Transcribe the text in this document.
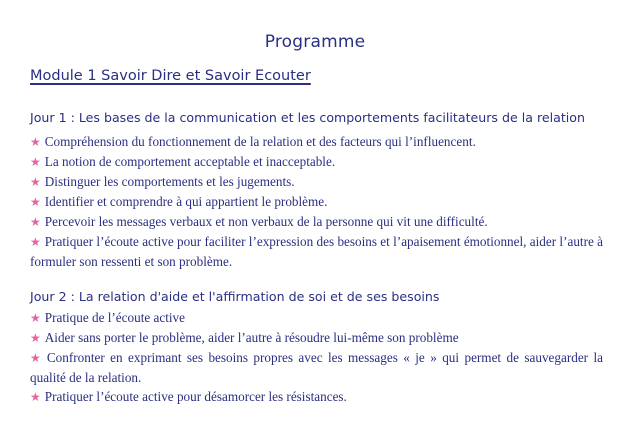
Programme
Module 1 Savoir Dire et Savoir Ecouter
Jour 1 : Les bases de la communication et les comportements facilitateurs de la relation

★ Compréhension du fonctionnement de la relation et des facteurs qui l’influencent.

★ La notion de comportement acceptable et inacceptable.

★ Distinguer les comportements et les jugements.

★ Identifier et comprendre à qui appartient le problème.

★ Percevoir les messages verbaux et non verbaux de la personne qui vit une difficulté.

★ Pratiquer l’écoute active pour faciliter l’expression des besoins et l’apaisement émotionnel, aider l’autre à formuler son ressenti et son problème.

Jour 2 : La relation d'aide et l'affirmation de soi et de ses besoins

★ Pratique de l’écoute active

★ Aider sans porter le problème, aider l’autre à résoudre lui-même son problème

★ Confronter en exprimant ses besoins propres avec les messages « je » qui permet de sauvegarder la qualité de la relation.

★ Pratiquer l’écoute active pour désamorcer les résistances.
